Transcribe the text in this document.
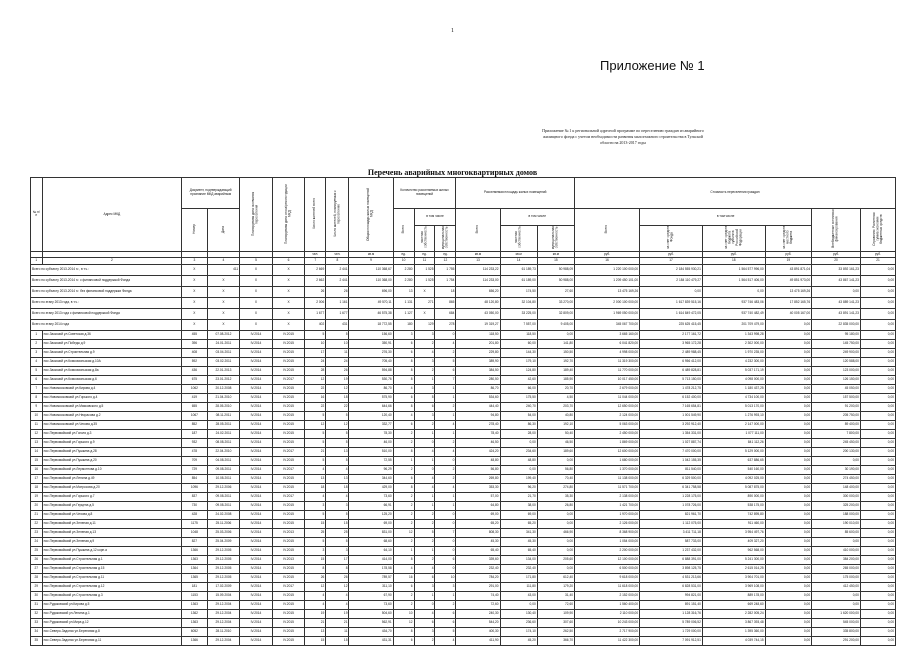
1
Приложение № 1
Приложение № 1 к региональной адресной программе по переселению граждан из аварийного жилищного фонда с учетом необходимости развития малоэтажного строительства в Тульской области на 2013-2017 годы
Перечень аварийных многоквартирных домов
№ п/п	Адрес МКД	Документ, подтверждающий признание МКД аварийным		Планируемая дата окончания переселения	Планируемая дата сноса/реконструкции МКД	Число жителей всего	Число жителей, планируемых к переселению	Общая площадь жилых помещений МКД	Количество расселяемых жилых помещений			Расселяемая площадь жилых помещений			Стоимость переселения граждан					
		Номер	Дата						Всего	в том числе		Всего	в том числе		Всего	в том числе			Внебюджетные источники финансирования	Справочно: Расчетная сумма экономии бюджетных средств
										частная собственность	муниципальная собственность		частная собственность	муниципальная собственность		за счет средств Фонда	за счет средств бюджета субъекта Российской Федерации	за счет средств местного бюджета		
						чел.	чел.	кв.м	ед.	ед.	ед.	кв.м	кв.м	кв.м	руб.	руб.	руб.	руб.	руб.	руб.
1	2	3	4	5	6	7	8	9	10	11	12	13	14	15	16	17	18	19	20	21
Всего по субъекту 2013-2014 г.г., в т.ч.:		X	411	X	X	2 669	2 441	110 368,67	2 280	1 525	1 755	114 233,22	61 189,73	50 988,09	1 220 100 000,00	2 184 555 930,21	1 564 577 996,00	43 891 871,04	33 892 161,23	0,00
Всего по субъекту 2013-2014 г.г. с финансовой поддержкой Фонда		X	X	X	X	2 662	2 441	110 368,00	2 280	1 525	1 754	114 233,00	61 189,00	50 988,00	1 209 450 101,00	2 184 110 479,27	1 564 517 406,00	49 851 973,00	43 867 141,23	0,00
Всего по субъекту 2013-2014 г.г. без финансовой поддержки Фонда		X	X	X	X	26	26	696,00	13	X	18	656,20	174,50	27,60	13 475 169,26	0,00	0,00	13 475 169,26	0,00	0,00
Всего по этапу 2013 года, в т.ч.:		X	X	X	X	2 006	1 161	49 570,11	1 131	271	865	48 120,80	32 104,80	33 270,00	2 000 100 000,00	1 617 839 515,16	937 746 483,06	17 852 165,76	43 889 141,23	0,00
Всего по этапу 2013 года с финансовой поддержкой Фонда		X	X	X	X	1 677	1 677	46 575,38	1 127	X	684	43 050,00	33 225,00	32 809,00	1 969 050 000,00	1 614 849 472,05	937 740 482,49	40 005 167,00	43 891 141,23	0,00
Всего по этапу 2014 года		X	X	X	X	402	431	18 772,55	180	129	278	19 319,27	7 557,00	9 405,00	345 067 700,00	225 625 415,45	201 709 479,00	0,00	22 835 000,00	0,00
1	пос.Заокский ул.Советская д.36	455	07.08.2012	IV.2014	IV.2015	5	5	156,60	3	3	0	118,50	118,50	0,00	3 665 160,00	2 177 161,72	1 343 998,28	0,00	95 180,00	0,00
2	пос.Заокский ул.Победы д.9	396	24.01.2011	IV.2014	IV.2015	10	10	350,91	6	2	4	201,80	60,00	141,80	6 041 820,00	3 965 172,28	2 302 000,00	0,00	145 750,00	0,00
3	пос.Заокский ул.Строительная д.9	408	03.04.2011	IV.2014	IV.2015	17	11	276,30	6	4	2	229,80	144,30	150,50	4 998 000,00	2 489 988,45	1 970 235,00	0,00	249 900,00	0,00
4	пос.Заокский ул.Комсомольская д.10А	592	03.02.2011	IV.2014	IV.2015	24	24	705,40	8	3	5	389,90	179,10	192,70	11 319 300,00	6 956 412,00	4 232 300,00	0,00	120 588,00	0,00
5	пос.Заокский ул.Комсомольская д.8а	436	22.01.2013	IV.2014	IV.2015	28	26	594,88	8	2	6	384,50	124,80	189,40	11 770 000,00	6 489 828,81	5 037 171,19	0,00	123 000,00	0,00
6	пос.Заокский ул.Комсомольская д.6	675	23.01.2012	IV.2014	IV.2017	12	19	530,76	8	1	7	280,50	42,60	185,90	10 017 450,00	5 713 150,00	4 098 000,00	0,00	126 150,00	0,00
7	пос.Новомосковский ул.Кирова д.4	1062	20.12.2008	IV.2014	IV.2015	22	12	86,70	4	3	1	86,70	66,00	20,70	2 679 000,00	1 478 212,75	1 180 437,25	0,00	45 050,00	0,00
8	пос.Новомосковский ул.Горького д.4	419	21.04.2010	IV.2014	IV.2015	16	18	575,90	6	5	1	534,60	175,50	4,50	11 044 000,00	6 152 400,00	4 734 100,00	0,00	157 500,00	0,00
9	пос.Новомосковский ул.Маяковского д.5	655	28.05.2010	IV.2014	IV.2015	22	22	644,66	8	6	2	444,40	240,70	203,70	12 650 000,00	7 165 654,81	5 013 170,00	0,00	91 200,00	0,00
10	пос.Новомосковский ул.Некрасова д.2	1067	08.11.2011	IV.2014	IV.2015	5	5	120,40	4	3	1	94,80	54,00	40,80	2 124 000,00	1 001 549,90	1 276 993,10	0,00	205 750,00	0,00
11	пос.Новомосковский ул.Чехова д.35	852	28.05.2011	IV.2014	IV.2015	12	12	332,77	6	2	4	278,40	86,30	192,10	5 063 000,00	3 292 912,40	2 147 000,00	0,00	89 400,00	0,00
12	пос.Первомайский ул.Гоголя д.3	187	24.02.2011	IV.2014	IV.2015	5	5	78,30	2	1	1	78,40	28,00	50,40	2 450 000,00	1 354 331,00	1 077 111,00	0,00	7 800,00	0,00
13	пос.Первомайский ул.Горького д.9	932	08.08.2011	IV.2014	IV.2015	5	5	46,00	2	0	2	46,50	0,00	46,50	1 869 000,00	1 027 887,74	841 112,26	0,00	245 450,00	0,00
14	пос.Первомайский ул.Пушкина д.28	478	22.04.2010	IV.2014	IV.2017	21	13	510,00	8	4	4	424,20	234,60	189,60	12 600 000,00	7 470 000,00	5 129 000,00	0,00	200 130,00	0,00
15	пос.Первомайский ул.Пушкина д.20	709	04.08.2011	IV.2014	IV.2015	5	5	72,55	1	1	0	48,80	48,80	0,00	1 680 000,00	1 042 155,35	637 886,65	0,00	0,00	0,00
16	пос.Первомайский ул.Лермонтова д.10	729	09.08.2011	IV.2014	IV.2017	4	4	96,29	2	0	2	56,80	0,00	56,80	1 370 000,00	811 540,00	540 160,00	0,00	30 190,00	0,00
17	пос.Первомайский ул.Ленина д.49	854	10.08.2011	IV.2014	IV.2015	13	13	344,60	6	4	2	269,80	199,40	70,40	11 138 000,00	6 329 500,00	4 092 025,00	0,00	274 450,00	0,00
18	пос.Первомайский ул.Матросова д.20	1096	29.12.2006	IV.2014	IV.2015	18	18	429,00	8	4	4	353,30	96,20	274,80	11 571 700,00	6 341 758,58	5 087 875,00	0,00	148 400,00	0,00
19	пос.Первомайский ул.Горького д.7	837	09.08.2011	IV.2014	IV.2017	4	4	73,60	2	1	1	57,00	21,70	35,30	2 138 000,00	1 228 175,00	890 000,00	0,00	300 000,00	0,00
20	пос.Первомайский ул.Герцена д.5	730	09.08.2011	IV.2014	IV.2015	3	3	66,91	2	1	1	64,80	38,00	26,80	1 421 700,00	1 078 726,00	538 175,00	0,00	325 200,00	0,00
21	пос.Первомайский ул.Чехова д.8	428	24.02.2008	IV.2014	IV.2015	5	5	125,20	2	2	0	69,00	69,00	0,00	1 970 000,00	821 961,70	742 895,80	0,00	188 000,00	0,00
22	пос.Первомайский ул.Зеленая д.11	1175	25.11.2006	IV.2014	IV.2015	15	15	69,00	2	2	0	65,20	65,20	0,00	2 126 000,00	1 112 075,00	911 460,00	0,00	190 010,00	0,00
23	пос.Первомайский ул.Зеленая д.13	1048	25.03.2006	IV.2014	IV.2013	25	25	831,00	12	5	7	808,30	341,30	466,90	8 368 900,00	3 411 711,18	3 954 497,76	0,00	85 600,00	0,00
24	пос.Первомайский ул.Зеленая д.9	827	25.04.2009	IV.2014	IV.2015	5	5	68,60	2	2	0	45,30	45,30	0,00	1 054 000,00	587 733,00	409 327,20	0,00	0,00	0,00
25	пос.Первомайский ул.Пушкина д.12 корп.а	1366	29.12.2005	IV.2014	IV.2015	3	3	64,10	1	1	0	65,40	65,40	0,00	2 200 000,00	1 237 432,00	962 568,00	0,00	410 000,00	0,00
26	пос.Первомайский ул.Строительная д.1	1363	29.12.2005	IV.2014	IV.2013	15	17	414,00	8	2	6	339,60	134,00	205,60	12 100 000,00	6 888 391,00	5 241 300,00	0,00	384 200,00	0,00
27	пос.Первомайский ул.Строительная д.15	1364	29.12.2005	IV.2014	IV.2015	8	8	178,58	4	4	0	232,40	232,40	0,00	6 500 000,00	3 898 125,75	2 615 014,25	0,00	265 000,00	0,00
28	пос.Первомайский ул.Строительная д.11	1365	29.12.2005	IV.2014	IV.2015	26	26	789,57	16	6	10	784,20	171,80	612,40	9 618 000,00	4 531 213,66	3 904 701,00	0,00	175 000,00	0,00
29	пос.Первомайский ул.Строительная д.12	181	17.02.2009	IV.2014	IV.2017	12	12	311,10	6	3	3	291,00	111,80	179,20	11 618 000,00	6 828 531,00	3 969 108,00	0,00	412 450,00	0,00
30	пос.Первомайский ул.Строительная д.3	1153	15.09.2004	IV.2014	IV.2015	4	4	67,90	2	1	1	74,40	43,00	31,40	2 152 000,00	994 821,00	889 178,00	0,00	0,00	0,00
31	пос.Рудаковский ул.Кирова д.5	1363	29.12.2004	IV.2014	IV.2015	4	4	73,60	2	0	2	72,60	0,00	72,60	1 560 400,00	891 151,40	669 248,60	0,00	0,00	0,00
32	пос.Рудаковский ул.Ленина д.1	1362	29.12.2004	IV.2014	IV.2015	19	19	504,60	10	4	6	240,30	130,40	109,90	2 110 000,00	1 128 316,76	2 282 005,24	0,00	1 620 000,00	0,00
33	пос.Рудаковский ул.Мира д.12	1363	29.12.2004	IV.2014	IV.2015	21	21	562,91	12	6	6	544,20	236,60	307,60	10 243 000,00	5 789 006,52	3 867 393,48	0,00	545 000,00	0,00
34	пос.Северо-Задонск ул.Береговая д.8	6052	28.11.2010	IV.2014	IV.2015	13	11	434,70	8	3	5	400,30	174,10	262,50	2 717 900,00	1 729 000,00	1 395 360,00	0,00	335 800,00	0,00
35	пос.Северо-Задонск ул.Береговая д.11	1366	29.12.2004	IV.2014	IV.2015	15	15	431,31	6	2	4	411,90	45,20	366,70	11 422 300,00	7 091 912,51	4 039 744,15	0,00	291 200,00	0,00
